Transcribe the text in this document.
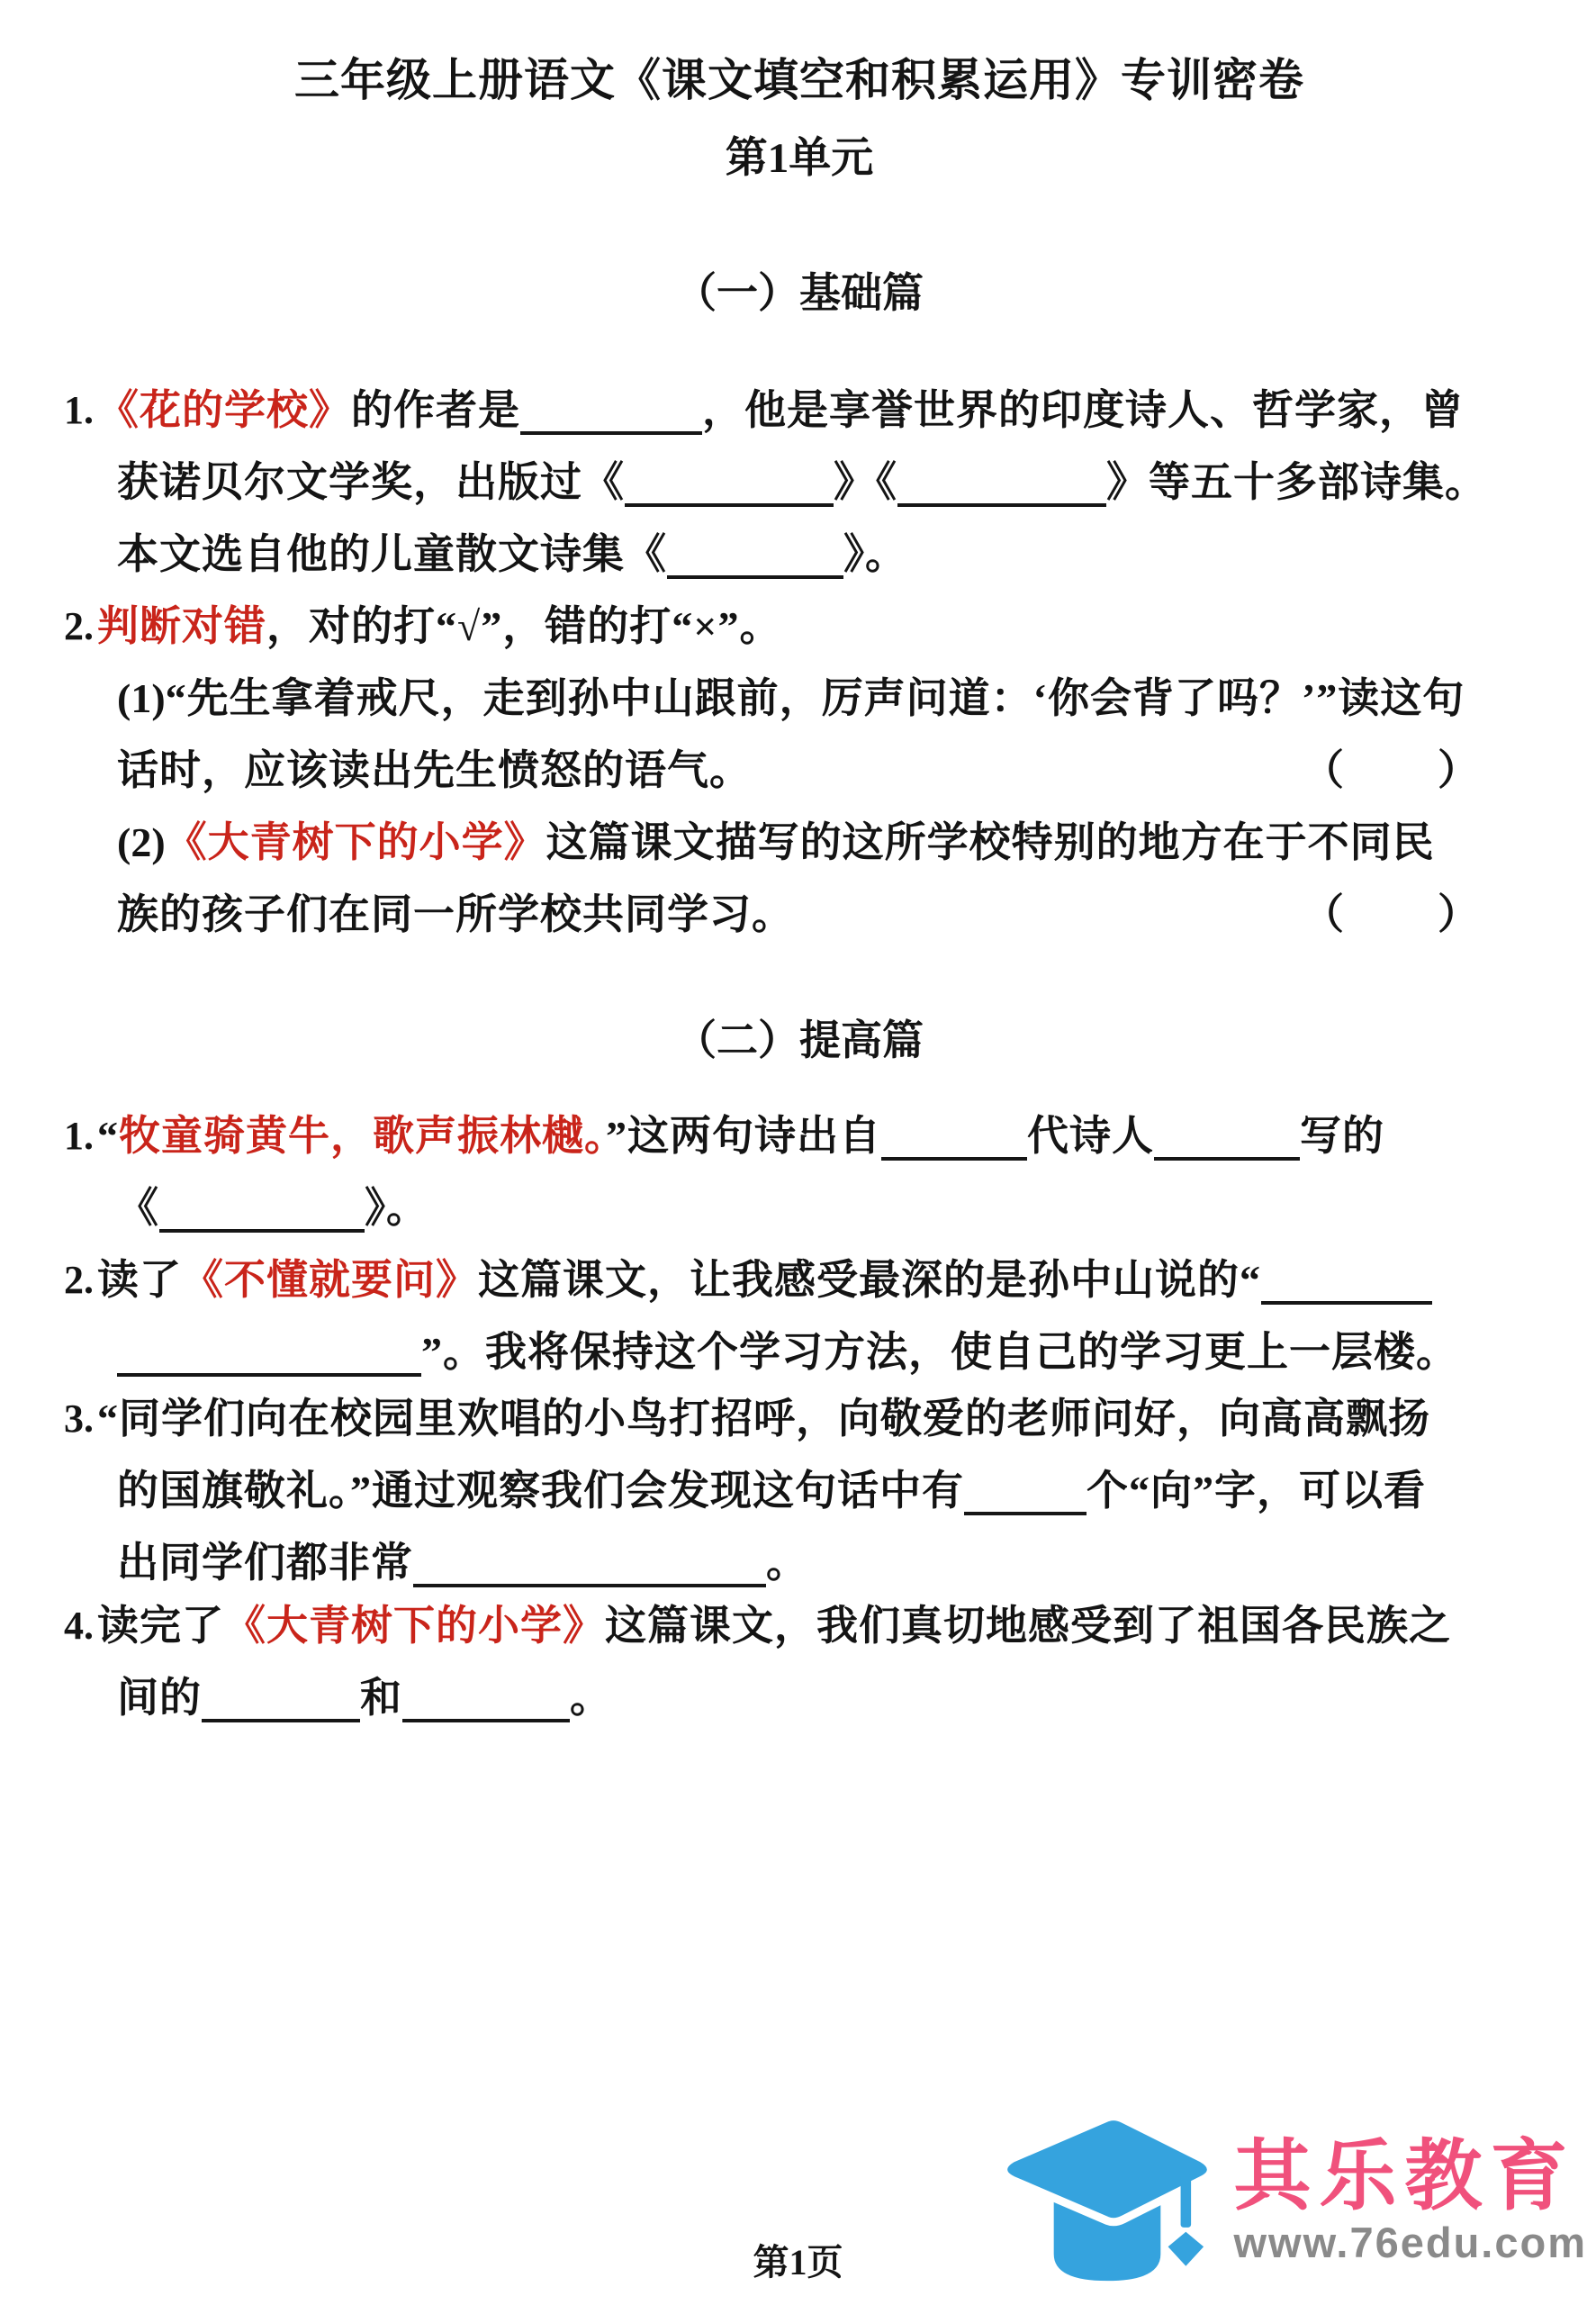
三年级上册语文《课文填空和积累运用》专训密卷
第1单元
（一）基础篇
1. 《花的学校》的作者是	，他是享誉世界的印度诗人、哲学家，曾
获诺贝尔文学奖，出版过《	》《	》等五十多部诗集。
本文选自他的儿童散文诗集《	》。
2. 判断对错，对的打“√”，错的打“×”。
(1)“先生拿着戒尺，走到孙中山跟前，厉声问道：‘你会背了吗？’”读这句
话时，应该读出先生愤怒的语气。	（　　）
(2)《大青树下的小学》这篇课文描写的这所学校特别的地方在于不同民
族的孩子们在同一所学校共同学习。	（　　）
（二）提高篇
1. “牧童骑黄牛，歌声振林樾。”这两句诗出自	代诗人	写的
《	》。
2. 读了《不懂就要问》这篇课文，让我感受最深的是孙中山说的“
”。我将保持这个学习方法，使自己的学习更上一层楼。
3. “同学们向在校园里欢唱的小鸟打招呼，向敬爱的老师问好，向高高飘扬
的国旗敬礼。”通过观察我们会发现这句话中有	个“向”字，可以看
出同学们都非常	。
4. 读完了《大青树下的小学》这篇课文，我们真切地感受到了祖国各民族之
间的	和	。
第1页
其乐教育
www.76edu.com
